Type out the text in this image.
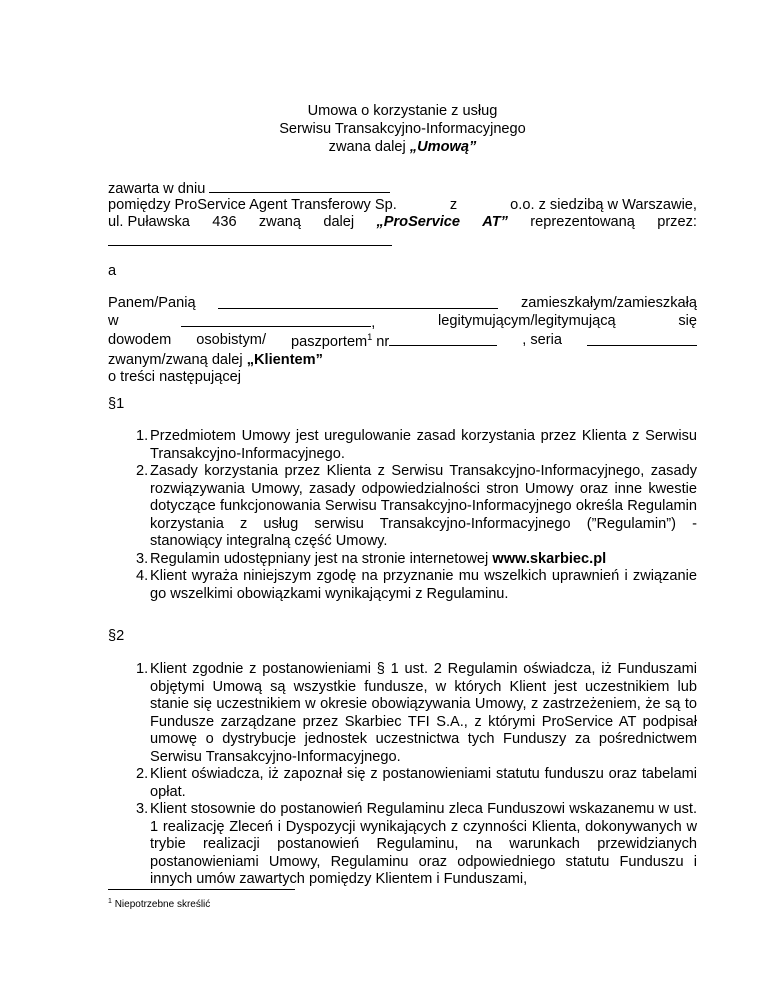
Umowa o korzystanie z usług
Serwisu Transakcyjno-Informacyjnego
zwana dalej „Umową”
zawarta w dniu
pomiędzy ProService Agent Transferowy Sp.	z	o.o. z siedzibą w Warszawie,
ul. Puławska 436 zwaną dalej „ProService AT” reprezentowaną przez:
a
Panem/Panią	zamieszkałym/zamieszkałą
w	,	legitymującym/legitymującą	się
dowodem osobistym/ paszportem$^1$ nr	, seria
zwanym/zwaną dalej „Klientem”
o treści następującej
§1
1. Przedmiotem Umowy jest uregulowanie zasad korzystania przez Klienta z Serwisu Transakcyjno-Informacyjnego.
2. Zasady korzystania przez Klienta z Serwisu Transakcyjno-Informacyjnego, zasady rozwiązywania Umowy, zasady odpowiedzialności stron Umowy oraz inne kwestie dotyczące funkcjonowania Serwisu Transakcyjno-Informacyjnego określa Regulamin korzystania z usług serwisu Transakcyjno-Informacyjnego (”Regulamin”) - stanowiący integralną część Umowy.
3. Regulamin udostępniany jest na stronie internetowej www.skarbiec.pl
4. Klient wyraża niniejszym zgodę na przyznanie mu wszelkich uprawnień i związanie go wszelkimi obowiązkami wynikającymi z Regulaminu.
§2
1. Klient zgodnie z postanowieniami § 1 ust. 2 Regulamin oświadcza, iż Funduszami objętymi Umową są wszystkie fundusze, w których Klient jest uczestnikiem lub stanie się uczestnikiem w okresie obowiązywania Umowy, z zastrzeżeniem, że są to Fundusze zarządzane przez Skarbiec TFI S.A., z którymi ProService AT podpisał umowę o dystrybucje jednostek uczestnictwa tych Funduszy za pośrednictwem Serwisu Transakcyjno-Informacyjnego.
2. Klient oświadcza, iż zapoznał się z postanowieniami statutu funduszu oraz tabelami opłat.
3. Klient stosownie do postanowień Regulaminu zleca Funduszowi wskazanemu w ust. 1 realizację Zleceń i Dyspozycji wynikających z czynności Klienta, dokonywanych w trybie realizacji postanowień Regulaminu, na warunkach przewidzianych postanowieniami Umowy, Regulaminu oraz odpowiedniego statutu Funduszu i innych umów zawartych pomiędzy Klientem i Funduszami,
$^1$ Niepotrzebne skreślić
